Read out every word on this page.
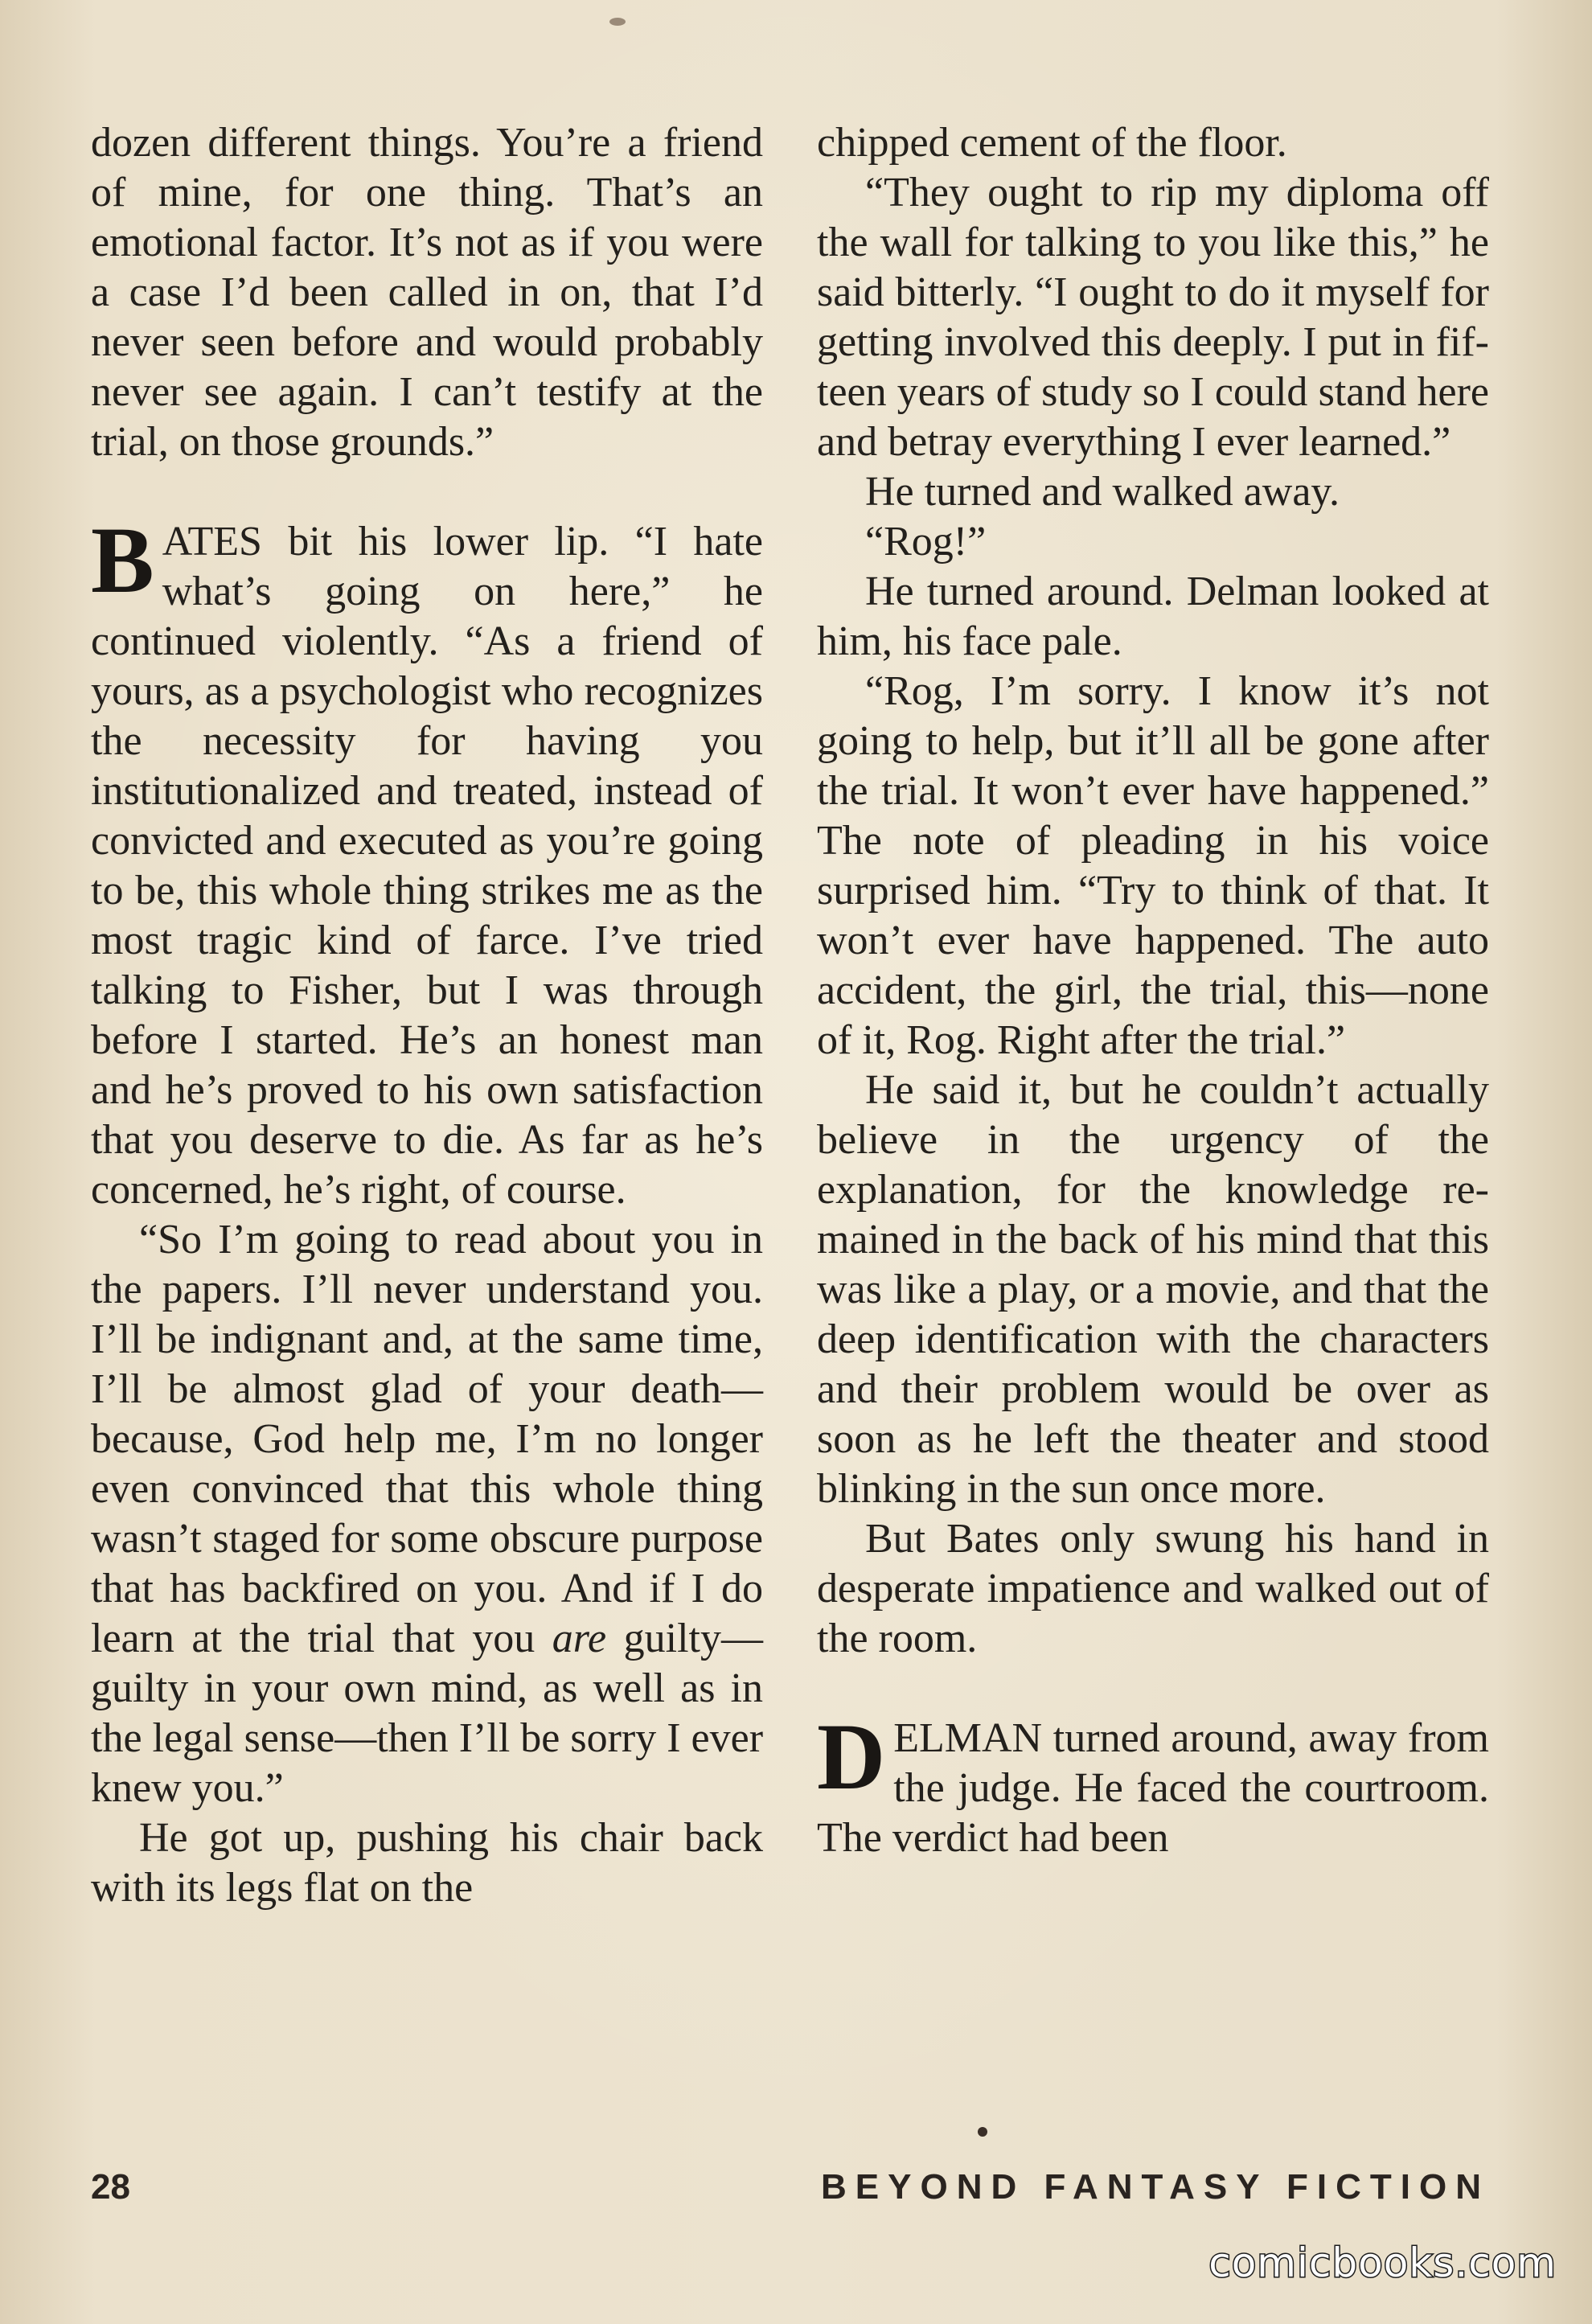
dozen different things. You’re a friend of mine, for one thing. That’s an emotional factor. It’s not as if you were a case I’d been called in on, that I’d never seen before and would probably never see again. I can’t testify at the trial, on those grounds.”

BATES bit his lower lip. “I hate what’s going on here,” he continued violently. “As a friend of yours, as a psychologist who recognizes the necessity for having you institutionalized and treated, instead of convicted and executed as you’re going to be, this whole thing strikes me as the most tragic kind of farce. I’ve tried talking to Fisher, but I was through before I started. He’s an honest man and he’s proved to his own satisfaction that you deserve to die. As far as he’s concerned, he’s right, of course.

“So I’m going to read about you in the papers. I’ll never understand you. I’ll be indignant and, at the same time, I’ll be almost glad of your death—because, God help me, I’m no longer even convinced that this whole thing wasn’t staged for some obscure purpose that has backfired on you. And if I do learn at the trial that you are guilty—guilty in your own mind, as well as in the legal sense—then I’ll be sorry I ever knew you.”

He got up, pushing his chair back with its legs flat on the

chipped cement of the floor.

“They ought to rip my diploma off the wall for talking to you like this,” he said bitterly. “I ought to do it myself for getting involved this deeply. I put in fifteen years of study so I could stand here and betray everything I ever learned.”

He turned and walked away.

“Rog!”

He turned around. Delman looked at him, his face pale.

“Rog, I’m sorry. I know it’s not going to help, but it’ll all be gone after the trial. It won’t ever have happened.” The note of pleading in his voice surprised him. “Try to think of that. It won’t ever have happened. The auto accident, the girl, the trial, this—none of it, Rog. Right after the trial.”

He said it, but he couldn’t actually believe in the urgency of the explanation, for the knowledge remained in the back of his mind that this was like a play, or a movie, and that the deep identification with the characters and their problem would be over as soon as he left the theater and stood blinking in the sun once more.

But Bates only swung his hand in desperate impatience and walked out of the room.

DELMAN turned around, away from the judge. He faced the courtroom. The verdict had been

28	BEYOND FANTASY FICTION
comicbooks.com
